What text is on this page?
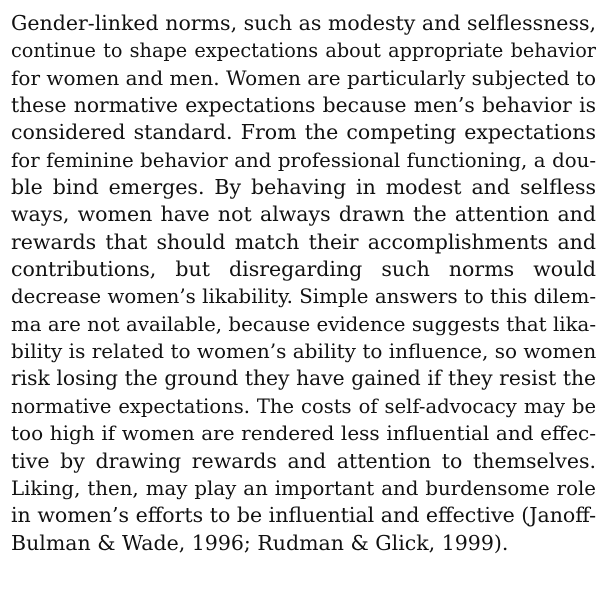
Gender-linked norms, such as modesty and selflessness,
continue to shape expectations about appropriate behavior
for women and men. Women are particularly subjected to
these normative expectations because men’s behavior is
considered standard. From the competing expectations
for feminine behavior and professional functioning, a dou-
ble bind emerges. By behaving in modest and selfless
ways, women have not always drawn the attention and
rewards that should match their accomplishments and
contributions, but disregarding such norms would
decrease women’s likability. Simple answers to this dilem-
ma are not available, because evidence suggests that lika-
bility is related to women’s ability to influence, so women
risk losing the ground they have gained if they resist the
normative expectations. The costs of self-advocacy may be
too high if women are rendered less influential and effec-
tive by drawing rewards and attention to themselves.
Liking, then, may play an important and burdensome role
in women’s efforts to be influential and effective (Janoff-
Bulman & Wade, 1996; Rudman & Glick, 1999).
